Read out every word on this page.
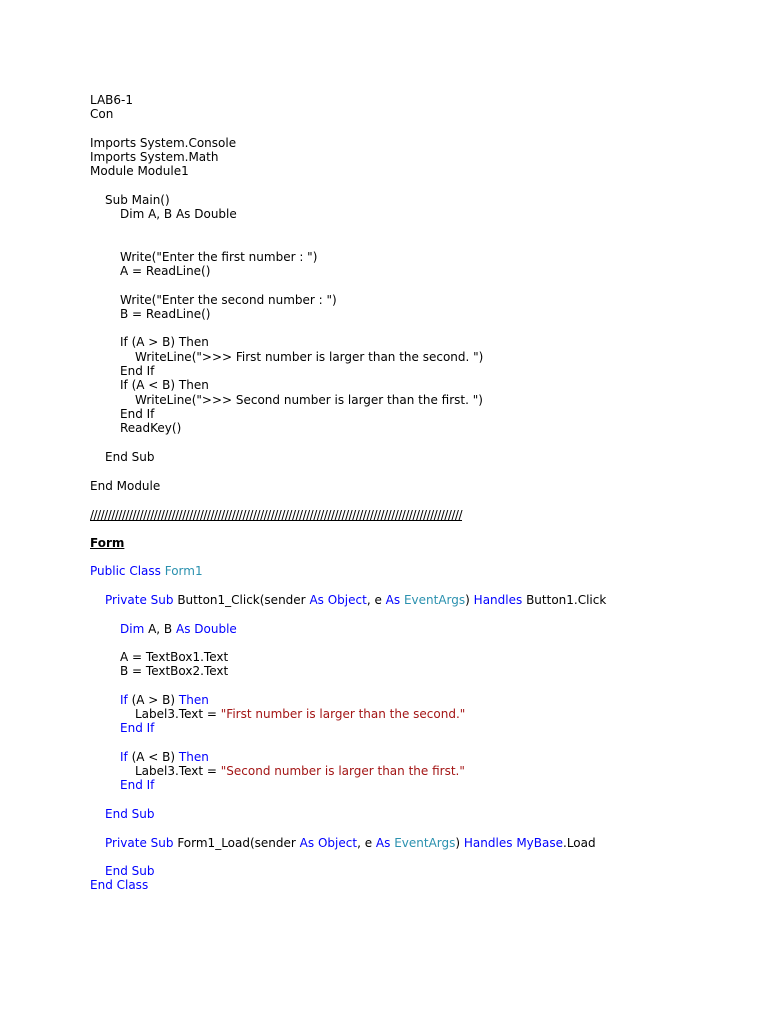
LAB6-1
Con
Imports System.Console
Imports System.Math
Module Module1
Sub Main()
Dim A, B As Double
Write("Enter the first number : ")
A = ReadLine()
Write("Enter the second number : ")
B = ReadLine()
If (A > B) Then
WriteLine(">>> First number is larger than the second. ")
End If
If (A < B) Then
WriteLine(">>> Second number is larger than the first. ")
End If
ReadKey()
End Sub
End Module
/////////////////////////////////////////////////////////////////////////////////////////////////////////
Form
Public Class Form1
Private Sub Button1_Click(sender As Object, e As EventArgs) Handles Button1.Click
Dim A, B As Double
A = TextBox1.Text
B = TextBox2.Text
If (A > B) Then
Label3.Text = "First number is larger than the second."
End If
If (A < B) Then
Label3.Text = "Second number is larger than the first."
End If
End Sub
Private Sub Form1_Load(sender As Object, e As EventArgs) Handles MyBase.Load
End Sub
End Class
